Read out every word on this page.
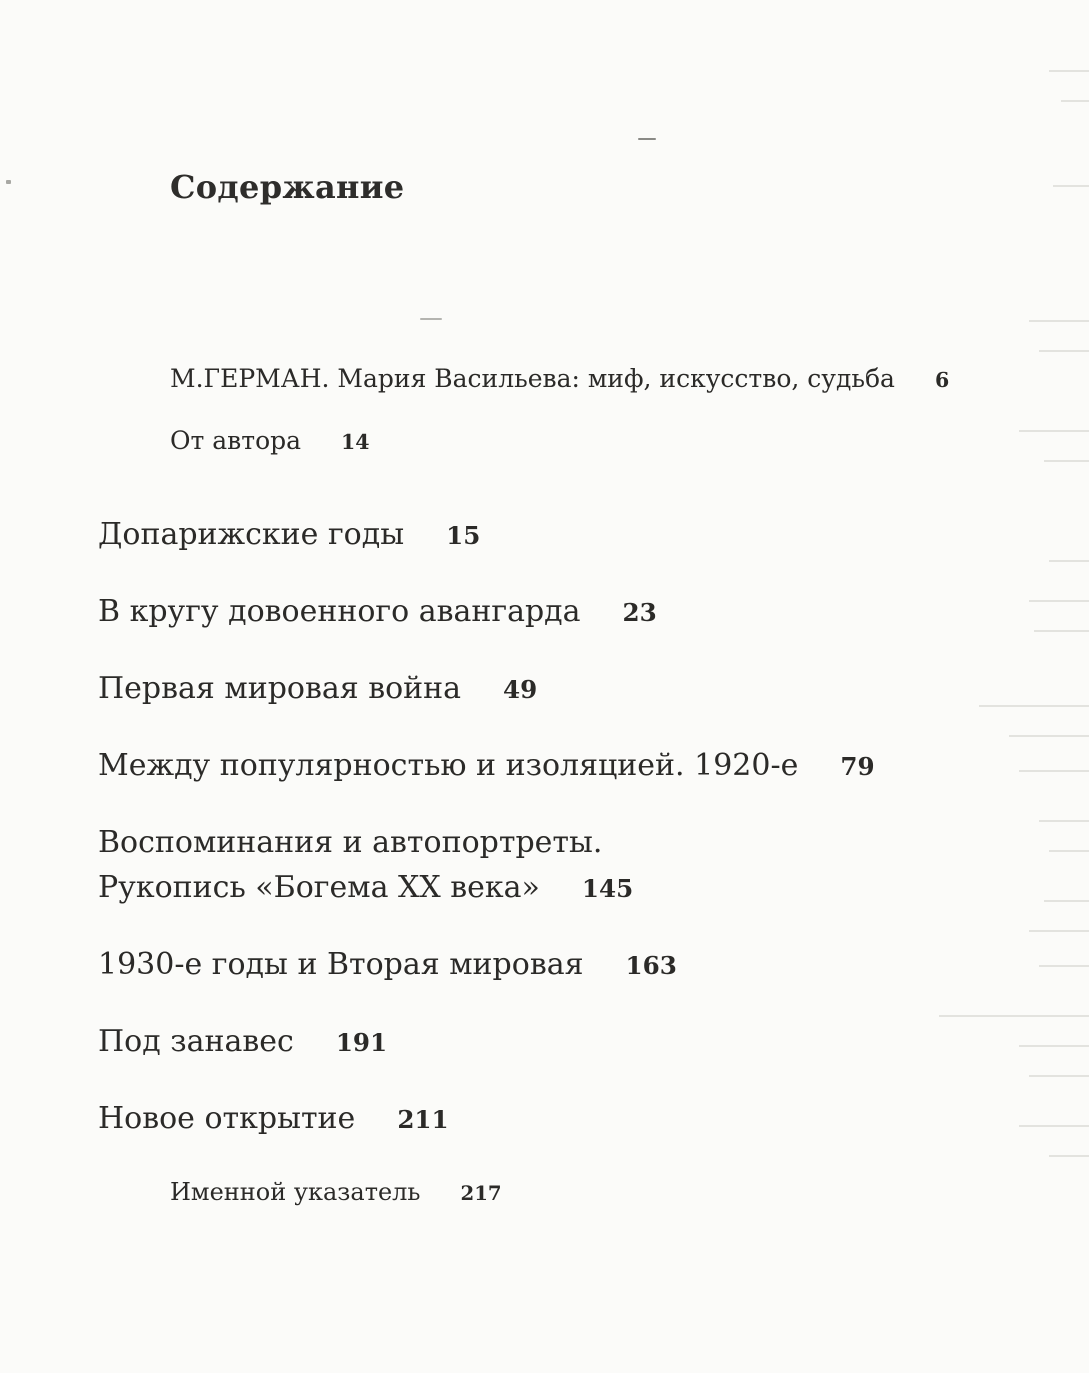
Содержание
М.ГЕРМАН. Мария Васильева: миф, искусство, судьба 6
От автора 14
Допарижские годы 15
В кругу довоенного авангарда 23
Первая мировая война 49
Между популярностью и изоляцией. 1920-е 79
Воспоминания и автопортреты.
Рукопись «Богема XX века» 145
1930-е годы и Вторая мировая 163
Под занавес 191
Новое открытие 211
Именной указатель 217
